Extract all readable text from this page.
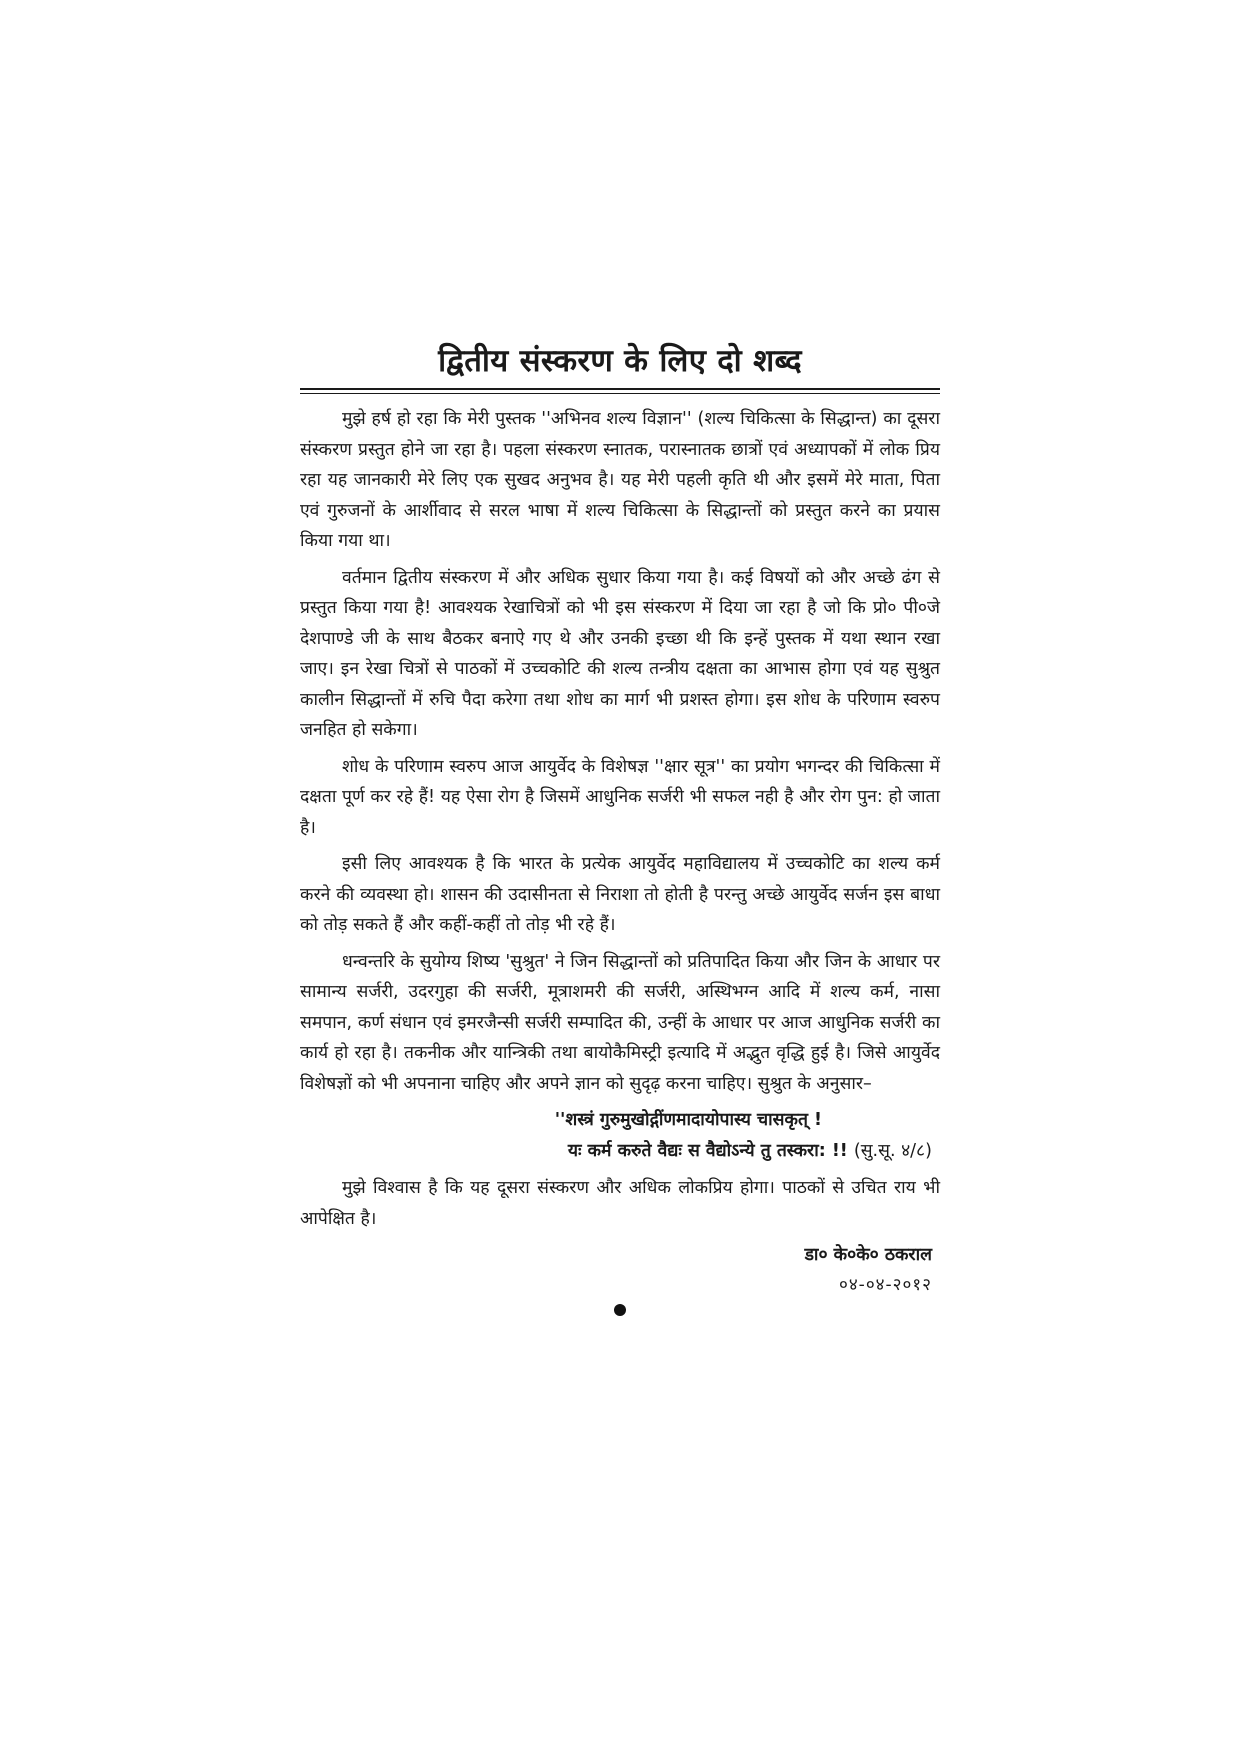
द्वितीय संस्करण के लिए दो शब्द

मुझे हर्ष हो रहा कि मेरी पुस्तक ''अभिनव शल्य विज्ञान'' (शल्य चिकित्सा के सिद्धान्त) का दूसरा संस्करण प्रस्तुत होने जा रहा है। पहला संस्करण स्नातक, परास्नातक छात्रों एवं अध्यापकों में लोक प्रिय रहा यह जानकारी मेरे लिए एक सुखद अनुभव है। यह मेरी पहली कृति थी और इसमें मेरे माता, पिता एवं गुरुजनों के आर्शीवाद से सरल भाषा में शल्य चिकित्सा के सिद्धान्तों को प्रस्तुत करने का प्रयास किया गया था।

वर्तमान द्वितीय संस्करण में और अधिक सुधार किया गया है। कई विषयों को और अच्छे ढंग से प्रस्तुत किया गया है! आवश्यक रेखाचित्रों को भी इस संस्करण में दिया जा रहा है जो कि प्रो० पी०जे देशपाण्डे जी के साथ बैठकर बनाऐ गए थे और उनकी इच्छा थी कि इन्हें पुस्तक में यथा स्थान रखा जाए। इन रेखा चित्रों से पाठकों में उच्चकोटि की शल्य तन्त्रीय दक्षता का आभास होगा एवं यह सुश्रुत कालीन सिद्धान्तों में रुचि पैदा करेगा तथा शोध का मार्ग भी प्रशस्त होगा। इस शोध के परिणाम स्वरुप जनहित हो सकेगा।

शोध के परिणाम स्वरुप आज आयुर्वेद के विशेषज्ञ ''क्षार सूत्र'' का प्रयोग भगन्दर की चिकित्सा में दक्षता पूर्ण कर रहे हैं! यह ऐसा रोग है जिसमें आधुनिक सर्जरी भी सफल नही है और रोग पुन: हो जाता है।

इसी लिए आवश्यक है कि भारत के प्रत्येक आयुर्वेद महाविद्यालय में उच्चकोटि का शल्य कर्म करने की व्यवस्था हो। शासन की उदासीनता से निराशा तो होती है परन्तु अच्छे आयुर्वेद सर्जन इस बाधा को तोड़ सकते हैं और कहीं-कहीं तो तोड़ भी रहे हैं।

धन्वन्तरि के सुयोग्य शिष्य 'सुश्रुत' ने जिन सिद्धान्तों को प्रतिपादित किया और जिन के आधार पर सामान्य सर्जरी, उदरगुहा की सर्जरी, मूत्राशमरी की सर्जरी, अस्थिभग्न आदि में शल्य कर्म, नासा समपान, कर्ण संधान एवं इमरजैन्सी सर्जरी सम्पादित की, उन्हीं के आधार पर आज आधुनिक सर्जरी का कार्य हो रहा है। तकनीक और यान्त्रिकी तथा बायोकैमिस्ट्री इत्यादि में अद्भुत वृद्धि हुई है। जिसे आयुर्वेद विशेषज्ञों को भी अपनाना चाहिए और अपने ज्ञान को सुदृढ़ करना चाहिए। सुश्रुत के अनुसार–

''शस्त्रं गुरुमुखोद्गींणमादायोपास्य चासकृत् !
यः कर्म करुते वैद्यः स वैद्योऽन्ये तु तस्करा: !! (सु.सू. ४/८)

मुझे विश्वास है कि यह दूसरा संस्करण और अधिक लोकप्रिय होगा। पाठकों से उचित राय भी आपेक्षित है।

डा० के०के० ठकराल
०४-०४-२०१२
